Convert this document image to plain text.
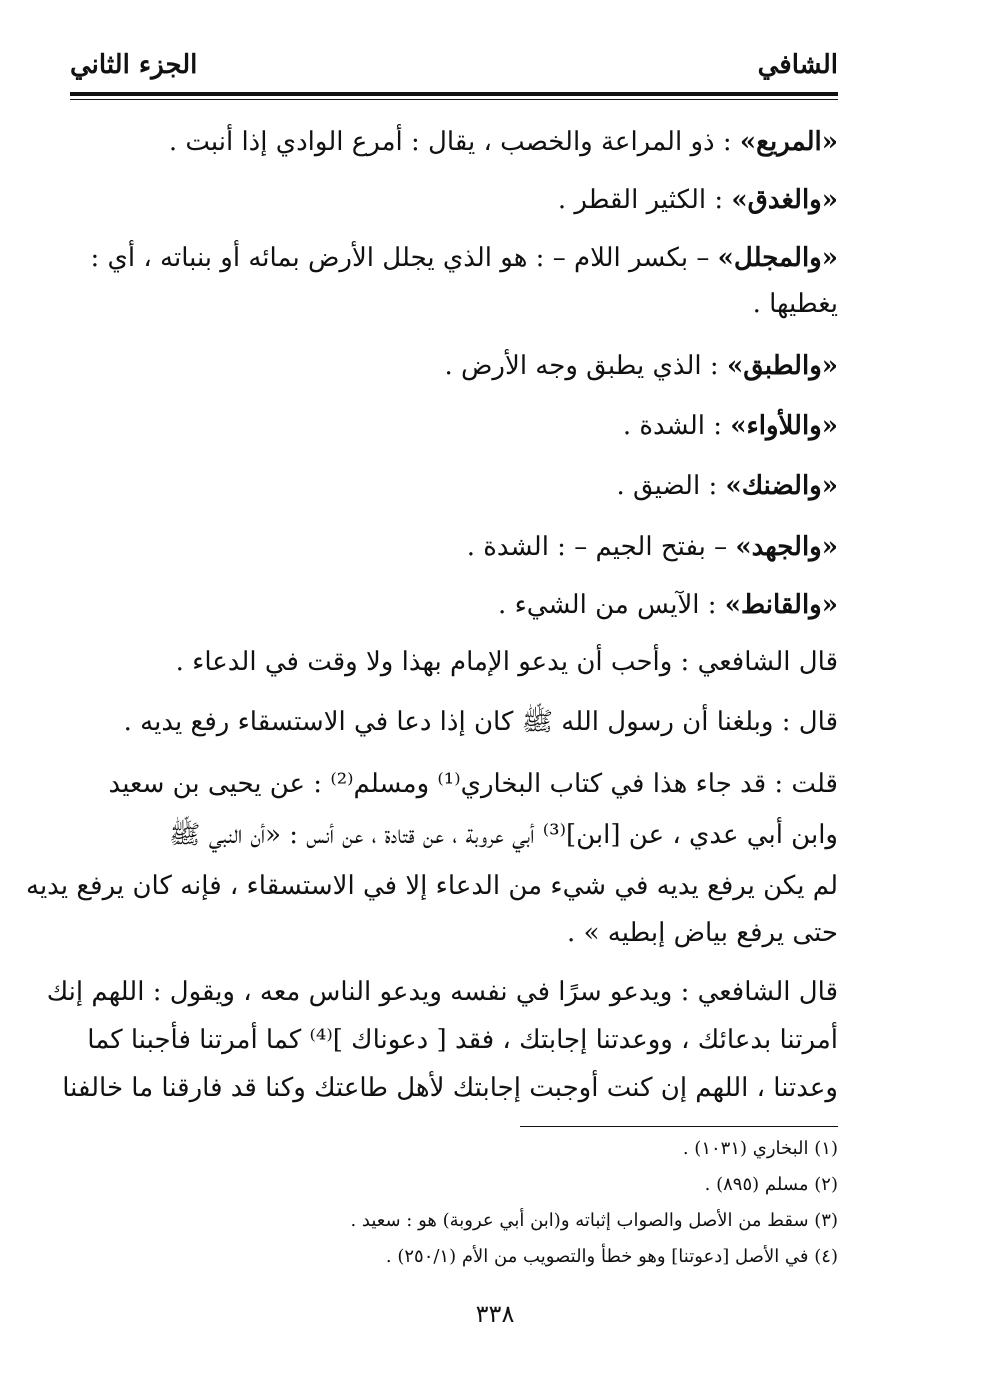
الشافي
الجزء الثاني
«المريع» : ذو المراعة والخصب ، يقال : أمرع الوادي إذا أنبت .
«والغدق» : الكثير القطر .
«والمجلل» – بكسر اللام – : هو الذي يجلل الأرض بمائه أو بنباته ، أي :
يغطيها .
«والطبق» : الذي يطبق وجه الأرض .
«واللأواء» : الشدة .
«والضنك» : الضيق .
«والجهد» – بفتح الجيم – : الشدة .
«والقانط» : الآيس من الشيء .
قال الشافعي : وأحب أن يدعو الإمام بهذا ولا وقت في الدعاء .
قال : وبلغنا أن رسول الله ﷺ كان إذا دعا في الاستسقاء رفع يديه .
قلت : قد جاء هذا في كتاب البخاري⁽¹⁾ ومسلم⁽²⁾ : عن يحيى بن سعيد
وابن أبي عدي ، عن [ابن]⁽³⁾ أبي عروبة ، عن قتادة ، عن أنس : «أن النبي ﷺ
لم يكن يرفع يديه في شيء من الدعاء إلا في الاستسقاء ، فإنه كان يرفع يديه
حتى يرفع بياض إبطيه » .
قال الشافعي : ويدعو سرًا في نفسه ويدعو الناس معه ، ويقول : اللهم إنك
أمرتنا بدعائك ، ووعدتنا إجابتك ، فقد [ دعوناك ]⁽⁴⁾ كما أمرتنا فأجبنا كما
وعدتنا ، اللهم إن كنت أوجبت إجابتك لأهل طاعتك وكنا قد فارقنا ما خالفنا
(١) البخاري (١٠٣١) .
(٢) مسلم (٨٩٥) .
(٣) سقط من الأصل والصواب إثباته و(ابن أبي عروبة) هو : سعيد .
(٤) في الأصل [دعوتنا] وهو خطأ والتصويب من الأم (٢٥٠/١) .
٣٣٨
